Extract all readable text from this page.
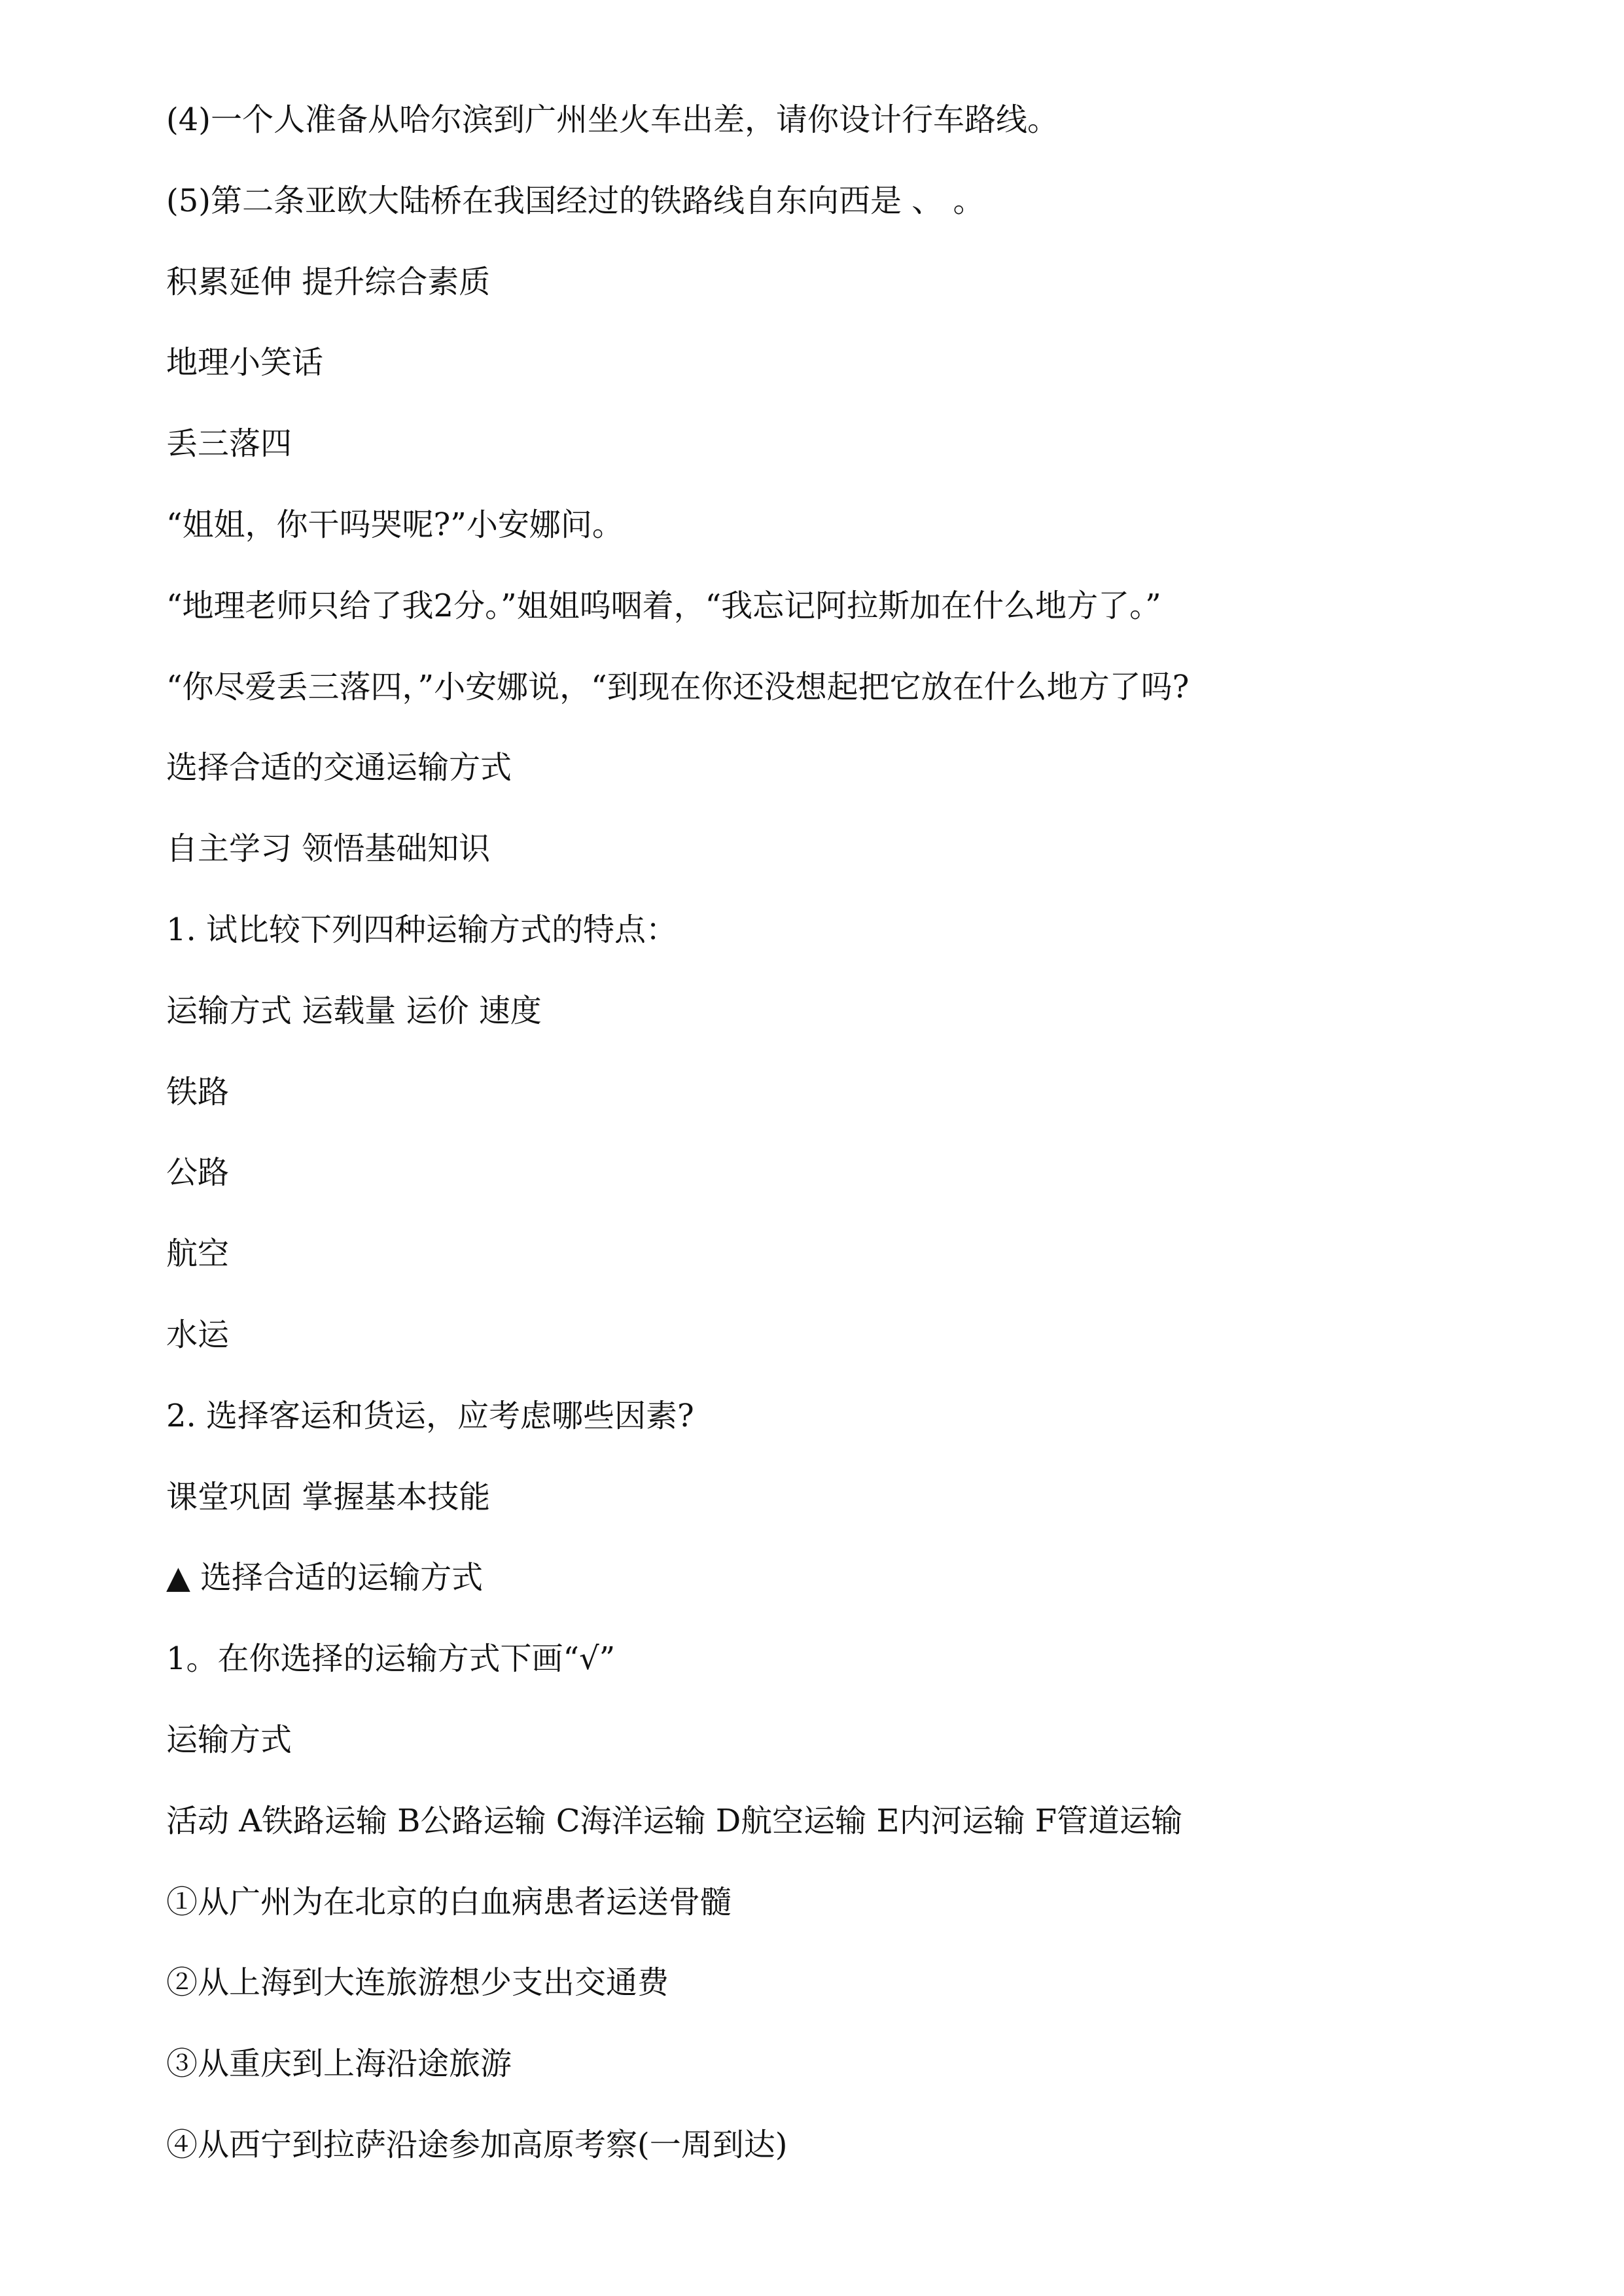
(4)一个人准备从哈尔滨到广州坐火车出差，请你设计行车路线。

(5)第二条亚欧大陆桥在我国经过的铁路线自东向西是 、 。

积累延伸 提升综合素质

地理小笑话

丢三落四

“姐姐，你干吗哭呢?”小安娜问。

“地理老师只给了我2分。”姐姐呜咽着，“我忘记阿拉斯加在什么地方了。”

“你尽爱丢三落四，”小安娜说，“到现在你还没想起把它放在什么地方了吗?

选择合适的交通运输方式

自主学习 领悟基础知识

1. 试比较下列四种运输方式的特点：

运输方式 运载量 运价 速度

铁路

公路

航空

水运

2. 选择客运和货运，应考虑哪些因素?

课堂巩固 掌握基本技能

▲ 选择合适的运输方式

1。在你选择的运输方式下画“√”

运输方式

活动 A铁路运输 B公路运输 C海洋运输 D航空运输 E内河运输 F管道运输

①从广州为在北京的白血病患者运送骨髓

②从上海到大连旅游想少支出交通费

③从重庆到上海沿途旅游

④从西宁到拉萨沿途参加高原考察(一周到达)
